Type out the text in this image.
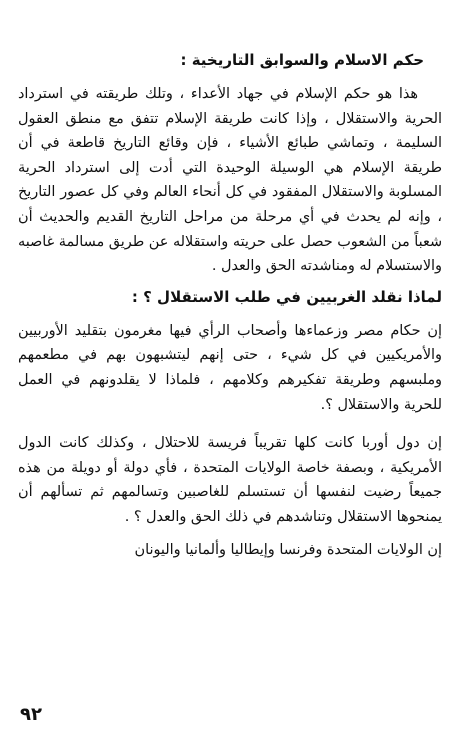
حكم الاسلام والسوابق التاريخية :

هذا هو حكم الإسلام في جهاد الأعداء ، وتلك طريقته في استرداد الحرية والاستقلال ، وإذا كانت طريقة الإسلام تتفق مع منطق العقول السليمة ، وتماشي طبائع الأشياء ، فإن وقائع التاريخ قاطعة في أن طريقة الإسلام هي الوسيلة الوحيدة التي أدت إلى استرداد الحرية المسلوبة والاستقلال المفقود في كل أنحاء العالم وفي كل عصور التاريخ ، وإنه لم يحدث في أي مرحلة من مراحل التاريخ القديم والحديث أن شعباً من الشعوب حصل على حريته واستقلاله عن طريق مسالمة غاصبه والاستسلام له ومناشدته الحق والعدل .

لماذا نقلد الغربيين في طلب الاستقلال ؟ :

إن حكام مصر وزعماءها وأصحاب الرأي فيها مغرمون بتقليد الأوربيين والأمريكيين في كل شيء ، حتى إنهم ليتشبهون بهم في مطعمهم وملبسهم وطريقة تفكيرهم وكلامهم ، فلماذا لا يقلدونهم في العمل للحرية والاستقلال ؟.

إن دول أوربا كانت كلها تقريباً فريسة للاحتلال ، وكذلك كانت الدول الأمريكية ، وبصفة خاصة الولايات المتحدة ، فأي دولة أو دويلة من هذه جميعاً رضيت لنفسها أن تستسلم للغاصبين وتسالمهم ثم تسألهم أن يمنحوها الاستقلال وتناشدهم في ذلك الحق والعدل ؟ .

إن الولايات المتحدة وفرنسا وإيطاليا وألمانيا واليونان

٩٢
